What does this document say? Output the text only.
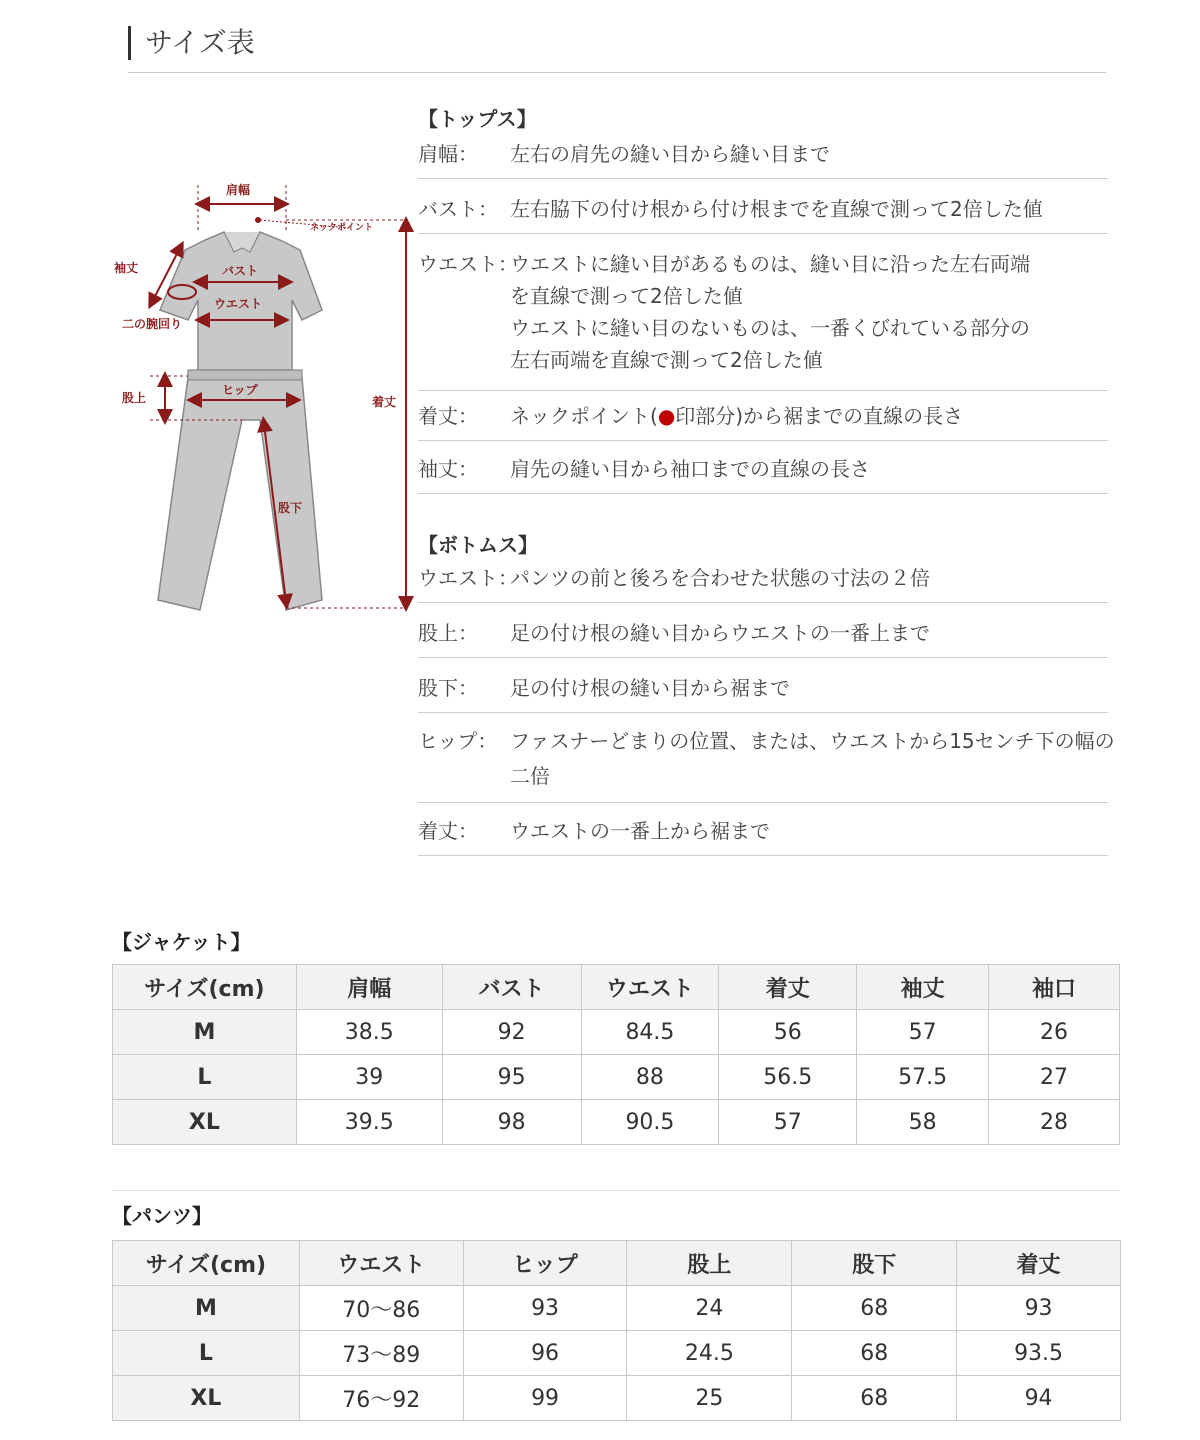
サイズ表
肩幅
ネックポイント
袖丈	バスト
ウエスト
二の腕回り
着丈
股上
ヒップ
股下
【トップス】
肩幅： 左右の肩先の縫い目から縫い目まで
バスト： 左右脇下の付け根から付け根までを直線で測って2倍した値
ウエスト：
ウエストに縫い目があるものは、縫い目に沿った左右両端
を直線で測って2倍した値
ウエストに縫い目のないものは、一番くびれている部分の
左右両端を直線で測って2倍した値
着丈： ネックポイント(●印部分)から裾までの直線の長さ
袖丈： 肩先の縫い目から袖口までの直線の長さ
【ボトムス】
ウエスト：
パンツの前と後ろを合わせた状態の寸法の２倍
股上： 足の付け根の縫い目からウエストの一番上まで
股下： 足の付け根の縫い目から裾まで
ヒップ： ファスナーどまりの位置、または、ウエストから15センチ下の幅の
二倍
着丈： ウエストの一番上から裾まで
【ジャケット】
サイズ(cm)	肩幅	バスト	ウエスト	着丈	袖丈	袖口
M	38.5	92	84.5	56	57	26
L	39	95	88	56.5	57.5	27
XL	39.5	98	90.5	57	58	28
【パンツ】
サイズ(cm)	ウエスト	ヒップ	股上	股下	着丈
M	70〜86	93	24	68	93
L	73〜89	96	24.5	68	93.5
XL	76〜92	99	25	68	94
